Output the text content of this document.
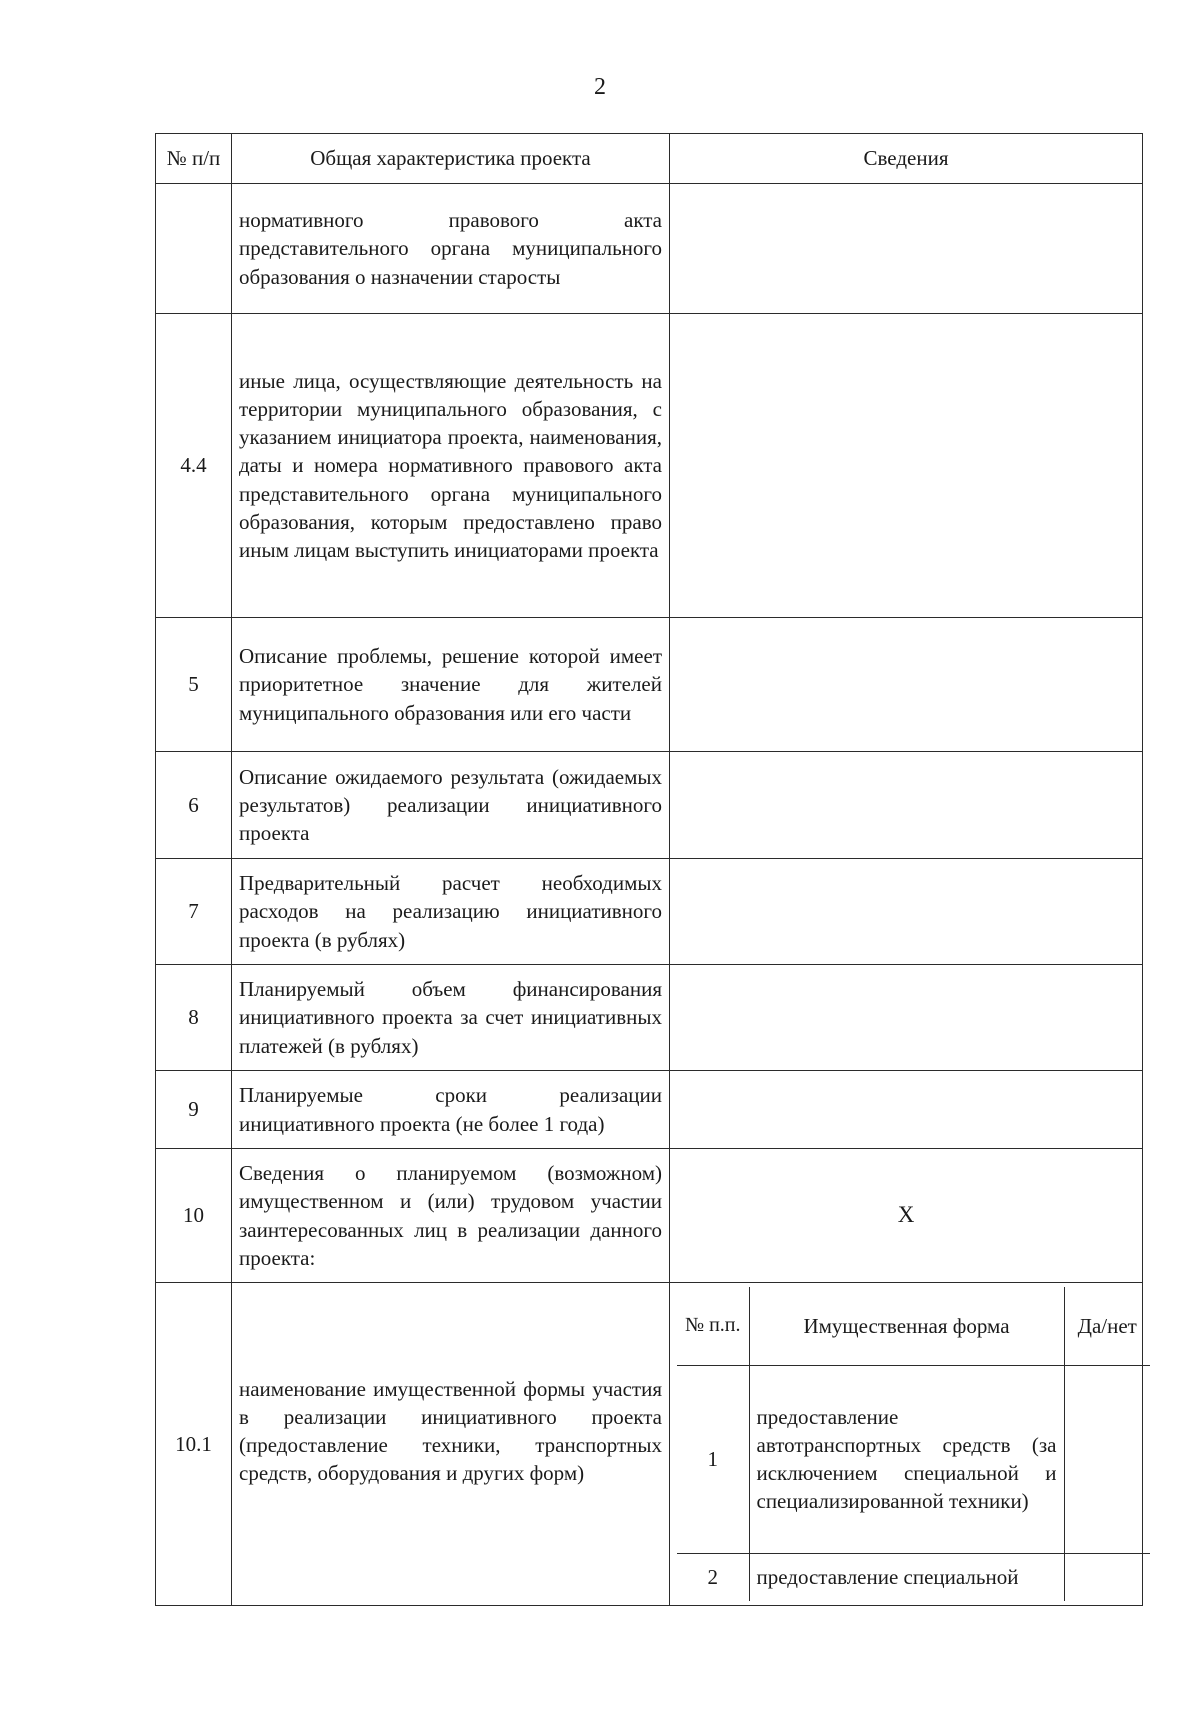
2
№ п/п	Общая характеристика проекта	Сведения
	нормативного правового акта представительного органа муниципального образования о назначении старосты	
4.4	иные лица, осуществляющие деятельность на территории муниципального образования, с указанием инициатора проекта, наименования, даты и номера нормативного правового акта представительного органа муниципального образования, которым предоставлено право иным лицам выступить инициаторами проекта	
5	Описание проблемы, решение которой имеет приоритетное значение для жителей муниципального образования или его части	
6	Описание ожидаемого результата (ожидаемых результатов) реализации инициативного проекта	
7	Предварительный расчет необходимых расходов на реализацию инициативного проекта (в рублях)	
8	Планируемый объем финансирования инициативного проекта за счет инициативных платежей (в рублях)	
9	Планируемые сроки реализации инициативного проекта (не более 1 года)	
10	Сведения о планируемом (возможном) имущественном и (или) трудовом участии заинтересованных лиц в реализации данного проекта:	X
10.1	наименование имущественной формы участия в реализации инициативного проекта (предоставление техники, транспортных средств, оборудования и других форм)	
№ п.п.	Имущественная форма	Да/нет
1	предоставление автотранспортных средств (за исключением специальной и специализированной техники)	
2	предоставление специальной	
